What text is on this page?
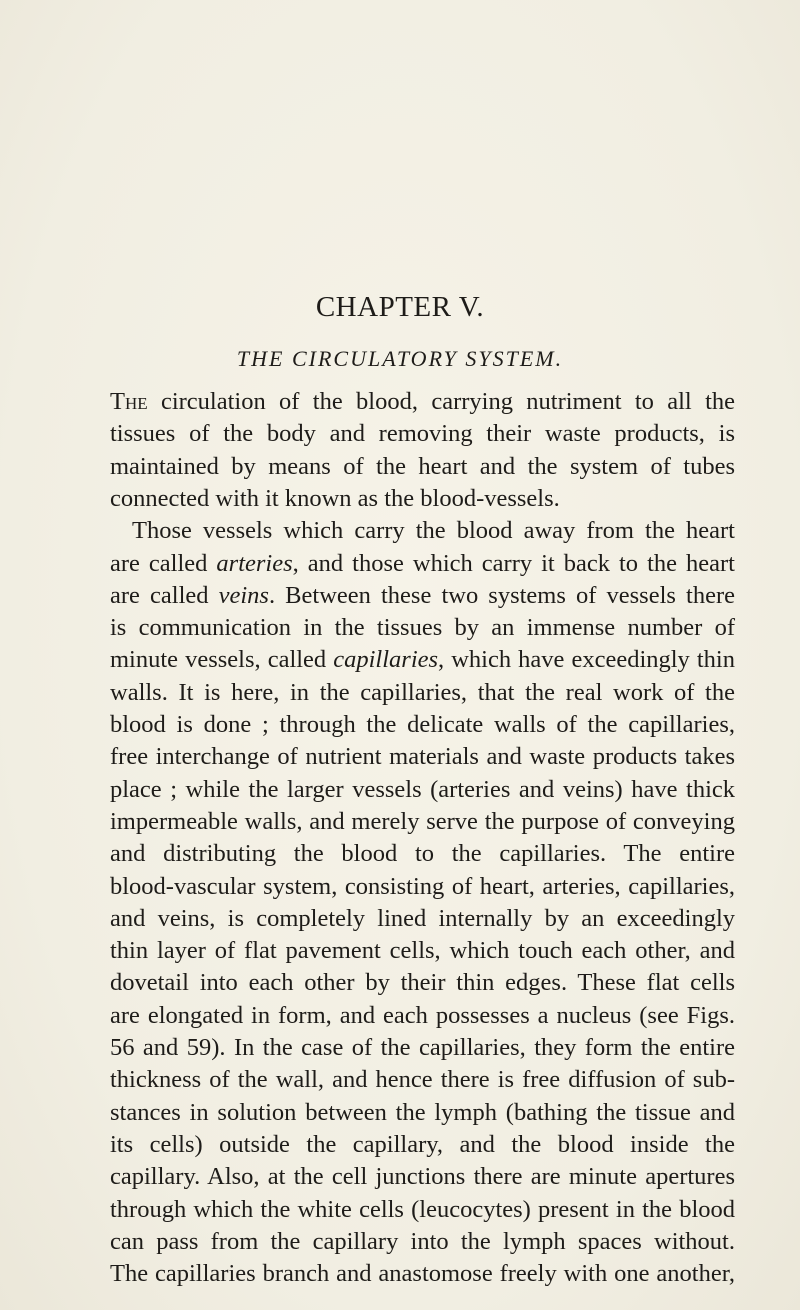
CHAPTER V.
THE CIRCULATORY SYSTEM.
The circulation of the blood, carrying nutriment to all the
tissues of the body and removing their waste products, is
maintained by means of the heart and the system of tubes
connected with it known as the blood-vessels.
Those vessels which carry the blood away from the heart
are called arteries, and those which carry it back to the heart
are called veins. Between these two systems of vessels there
is communication in the tissues by an immense number of
minute vessels, called capillaries, which have exceedingly thin
walls. It is here, in the capillaries, that the real work of the
blood is done ; through the delicate walls of the capillaries,
free interchange of nutrient materials and waste products takes
place ; while the larger vessels (arteries and veins) have thick
impermeable walls, and merely serve the purpose of conveying
and distributing the blood to the capillaries. The entire
blood-vascular system, consisting of heart, arteries, capillaries,
and veins, is completely lined internally by an exceedingly
thin layer of flat pavement cells, which touch each other, and
dovetail into each other by their thin edges. These flat cells
are elongated in form, and each possesses a nucleus (see Figs.
56 and 59). In the case of the capillaries, they form the entire
thickness of the wall, and hence there is free diffusion of sub-
stances in solution between the lymph (bathing the tissue and
its cells) outside the capillary, and the blood inside the
capillary. Also, at the cell junctions there are minute apertures
through which the white cells (leucocytes) present in the blood
can pass from the capillary into the lymph spaces without.
The capillaries branch and anastomose freely with one another,
